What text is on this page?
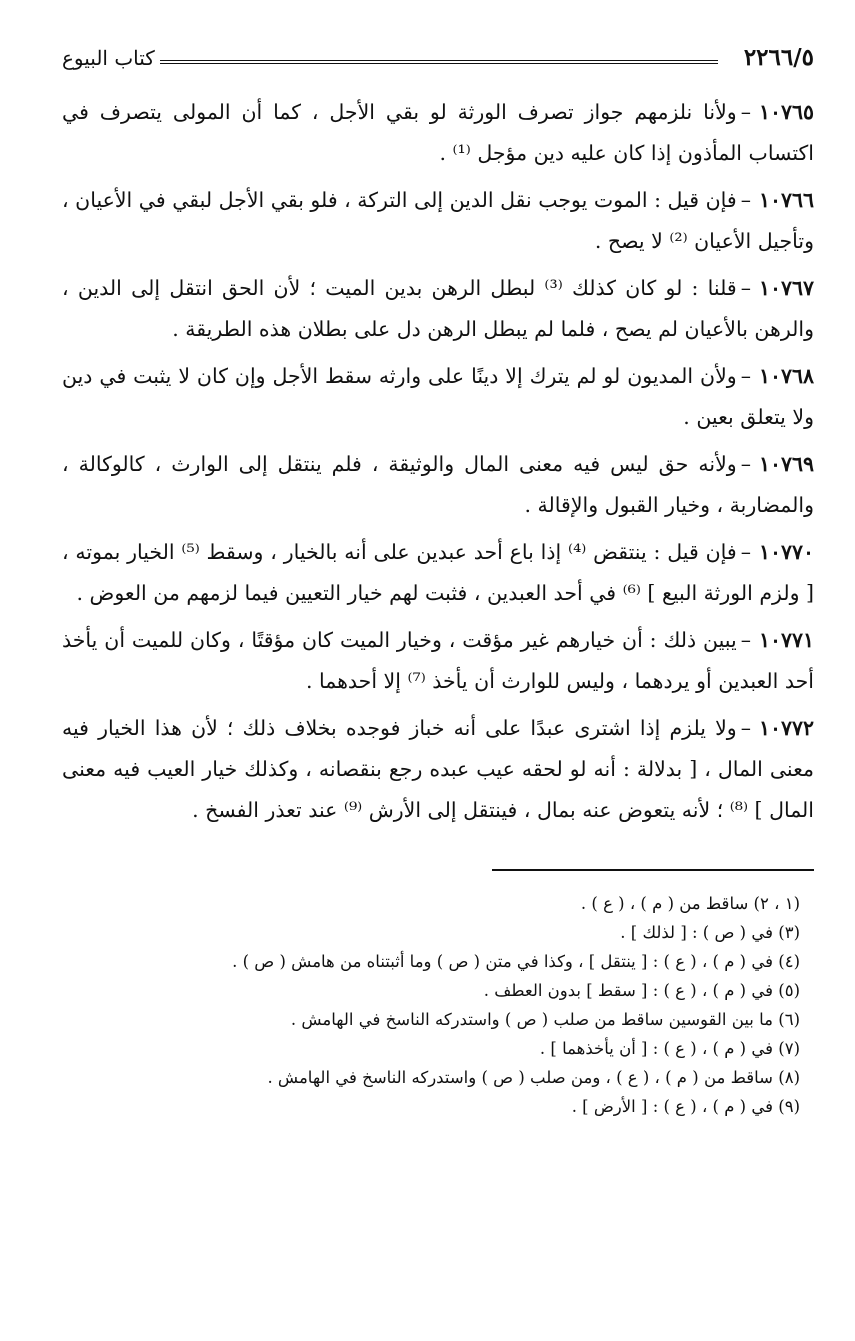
٢٢٦٦/٥
كتاب البيوع

١٠٧٦٥–ولأنا نلزمهم جواز تصرف الورثة لو بقي الأجل ، كما أن المولى يتصرف في اكتساب المأذون إذا كان عليه دين مؤجل ⁽¹⁾ .

١٠٧٦٦–فإن قيل : الموت يوجب نقل الدين إلى التركة ، فلو بقي الأجل لبقي في الأعيان ، وتأجيل الأعيان ⁽²⁾ لا يصح .

١٠٧٦٧–قلنا : لو كان كذلك ⁽³⁾ لبطل الرهن بدين الميت ؛ لأن الحق انتقل إلى الدين ، والرهن بالأعيان لم يصح ، فلما لم يبطل الرهن دل على بطلان هذه الطريقة .

١٠٧٦٨–ولأن المديون لو لم يترك إلا دينًا على وارثه سقط الأجل وإن كان لا يثبت في دين ولا يتعلق بعين .

١٠٧٦٩–ولأنه حق ليس فيه معنى المال والوثيقة ، فلم ينتقل إلى الوارث ، كالوكالة ، والمضاربة ، وخيار القبول والإقالة .

١٠٧٧٠–فإن قيل : ينتقض ⁽⁴⁾ إذا باع أحد عبدين على أنه بالخيار ، وسقط ⁽⁵⁾ الخيار بموته ، [ ولزم الورثة البيع ] ⁽⁶⁾ في أحد العبدين ، فثبت لهم خيار التعيين فيما لزمهم من العوض .

١٠٧٧١–يبين ذلك : أن خيارهم غير مؤقت ، وخيار الميت كان مؤقتًا ، وكان للميت أن يأخذ أحد العبدين أو يردهما ، وليس للوارث أن يأخذ ⁽⁷⁾ إلا أحدهما .

١٠٧٧٢–ولا يلزم إذا اشترى عبدًا على أنه خباز فوجده بخلاف ذلك ؛ لأن هذا الخيار فيه معنى المال ، [ بدلالة : أنه لو لحقه عيب عبده رجع بنقصانه ، وكذلك خيار العيب فيه معنى المال ] ⁽⁸⁾ ؛ لأنه يتعوض عنه بمال ، فينتقل إلى الأرش ⁽⁹⁾ عند تعذر الفسخ .

(١ ، ٢) ساقط من ( م ) ، ( ع ) .
(٣) في ( ص ) : [ لذلك ] .
(٤) في ( م ) ، ( ع ) : [ ينتقل ] ، وكذا في متن ( ص ) وما أثبتناه من هامش ( ص ) .
(٥) في ( م ) ، ( ع ) : [ سقط ] بدون العطف .
(٦) ما بين القوسين ساقط من صلب ( ص ) واستدركه الناسخ في الهامش .
(٧) في ( م ) ، ( ع ) : [ أن يأخذهما ] .
(٨) ساقط من ( م ) ، ( ع ) ، ومن صلب ( ص ) واستدركه الناسخ في الهامش .
(٩) في ( م ) ، ( ع ) : [ الأرض ] .
